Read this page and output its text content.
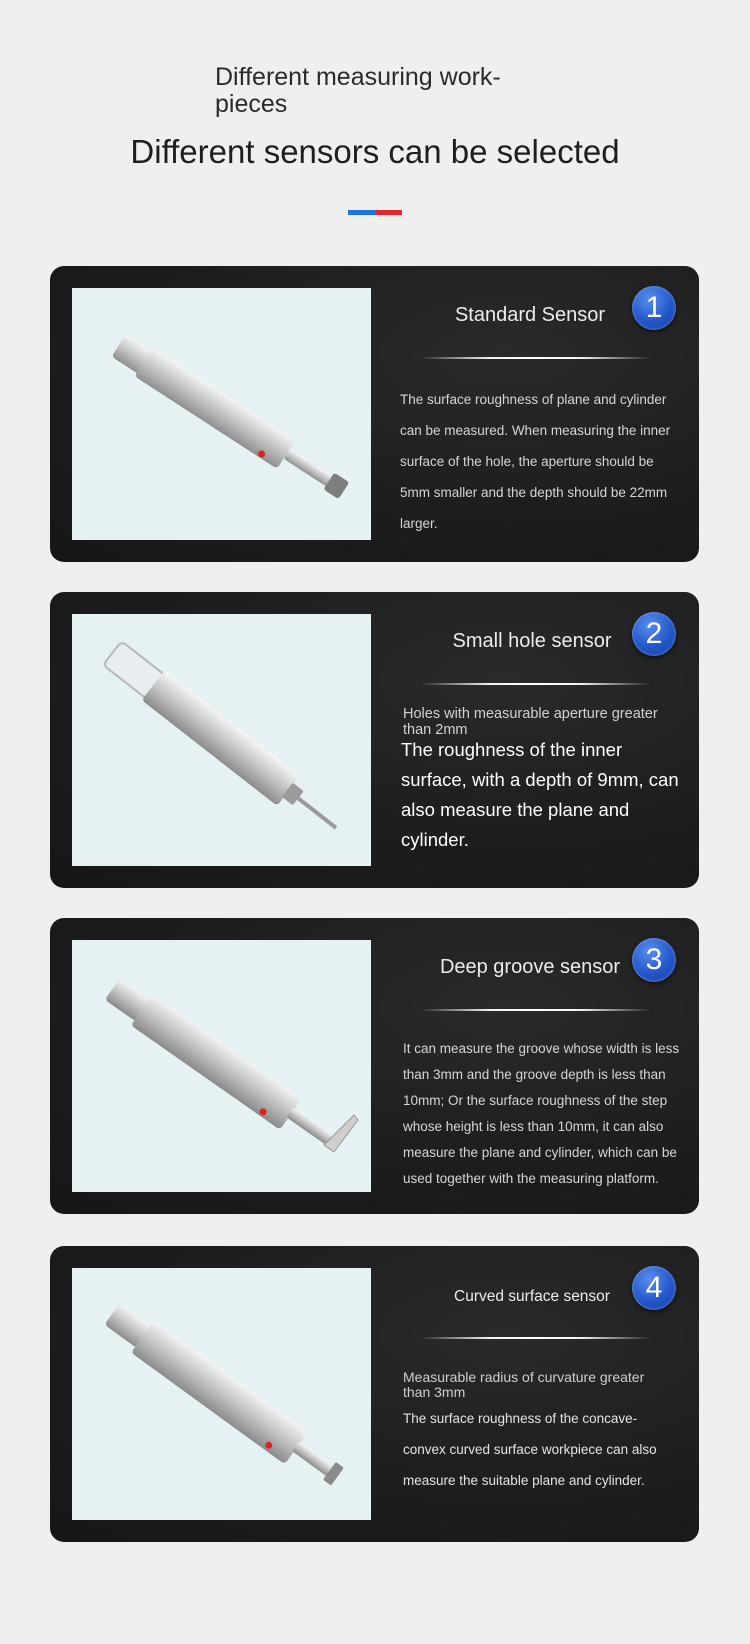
Different measuring work-pieces
Different sensors can be selected
Standard Sensor	1
The surface roughness of plane and cylinder can be measured. When measuring the inner surface of the hole, the aperture should be 5mm smaller and the depth should be 22mm larger.
Small hole sensor	2
Holes with measurable aperture greater than 2mm
The roughness of the inner surface, with a depth of 9mm, can also measure the plane and cylinder.
Deep groove sensor 3
It can measure the groove whose width is less than 3mm and the groove depth is less than 10mm; Or the surface roughness of the step whose height is less than 10mm, it can also measure the plane and cylinder, which can be used together with the measuring platform.
Curved surface sensor	4
Measurable radius of curvature greater than 3mm
The surface roughness of the concave-convex curved surface workpiece can also measure the suitable plane and cylinder.
